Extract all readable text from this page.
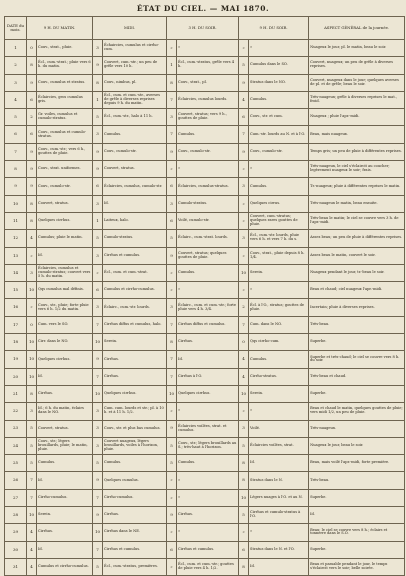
ÉTAT DU CIEL. — MAI 1870.
DATE du mois.	9 H. DU MATIN.		MIDI.		3 H. DU SOIR.		9 H. DU SOIR.		ASPECT GÉNÉRAL de la journée.
1	0	Couv., strat., pluie.	3	Échaircies, cumulus et cirrho-cum.	»	»	»	»	Nuageux le jour, pl. le matin, beau le soir.
2	8	Écl., cum.-strat.; pluie vers 6 h. du matin.	9	Couvert, cum.-str.; un peu de grêle vers 10 h.	1	Écl., cum.-stratus, grêle vers 4 h.	5	Cumulus dans le SO.	Couvert, nuageux; un peu de grêle à diverses reprises.
3	9	Couv., cumulus et stratus.	8	Couv., nimbus, pl.	8	Couv., strat., pl.	9	Stratus dans le NO.	Couvert, nuageux dans le jour; quelques averses de pl. et de grêle; beau le soir.
4	6	Éclaircies, gros cumulus gris.	1	Écl., cum. et cum.-str., averses de grêle à diverses reprises depuis 9 h. du matin.	7	Éclaircies, cumulus lourds.	4	Cumulus.	Très-nuageux; grêle à diverses reprises le mat., froid.
5	2	Gr. voiles, cumulus et cumulo-stratus.	5	Écl., cum.-str., halo à 11 h.	3	Couvert, stratus; vers 9 h., gouttes de pluie.	6	Couv., str. et cum.	Nuageux ; pluie l'apr.-midi.
6	6	Couv., cumulus et cumulo-stratus.	3	Cumulus.	7	Cumulus.	7	Cum.-str. lourds au N. et à l'O.	Beau, mais nuageux.
7	9	Couv., cum.-str.; vers 6 h., gouttes de pluie.	9	Couv., cumulo-str.	9	Couv., cumulo-str.	9	Couv., cumulo-str.	Temps gris; un peu de pluie à différentes reprises.
8	9	Couv., strat. uniformes.	9	Couvert, stratus.	»	»	»	»	Très-nuageux, le ciel s'éclaircit au coucher; legèrement nuageux le soir; frais.
9	9	Couv., cumulo-str.	6	Éclaircies, cumulus, cumulo-str.	6	Éclaircies, cumulus-stratus.	3	Cumulus.	Tr.-nuageux; pluie à différentes reprises le matin.
10	8	Couvert, stratus.	3	Id.	3	Cumulo-stratus.	»	Quelques cirrus.	Très-nuageux le matin, beau ensuite.
11	8	Quelques cirrhus.	1	Laiteux, halo.	6	Voilé, cumulo-str.	»	Couvert, cum.-stratus; quelques rares gouttes de pluie.	Très-beau le matin; le ciel se couvre vers 3 h. de l'apr.-midi.
12	4	Cumulus; pluie le matin.	5	Cumulo-stratus.	5	Éclairc., cum.-strat. lourds.	3	Écl., cum.-str. lourds, pluie vers 6 h. et vers 7 h. du s.	Assez beau; un peu de pluie à différentes reprises.
13	»	Id.	3	Cirrhus et cumulus.	9	Couvert, stratus; quelques gouttes de pluie.	»	Couv., strat., pluie depuis 8 h. 1/4.	Assez beau le matin, couvert le soir.
14	3	Éclaircies, cumulus et cumulo-stratus; couvert vers 5 h. du matin.	»	Écl., cum. et cum.-strat.	»	Cumulus.	10	Serein.	Nuageux pendant le jour, tr.-beau le soir.
15	10	Qqs cumulus mal définis.	6	Cumulus et cirrho-cumulus.	»	»	»	»	Beau et chaud; ciel nuageux l'apr.-midi.
16	»	Couv., str., pluie; forte pluie vers 6 h. 1/2 du matin.	3	Éclairc., cum.-str. lourds.	3	Éclairc., cum. et cum.-str.; forte pluie vers 4 h. 3/4.	2	Écl. à l'O., stratus; gouttes de pluie.	Incertain; pluie à diverses reprises.
17	0	Cum. vers le SO.	7	Cirrhus diffus et cumulus, halo.	7	Cirrhus diffus et cumulus.	7	Cum. dans le NO.	Très-beau.
18	10	Cirr. dans le NO.	10	Serein.	8	Cirrhus.	0	Qqs cirrho-cum.	Superbe.
19	10	Quelques cirrhus.	9	Cirrhus.	7	Id.	4	Cumulus.	Superbe et très-chaud; le ciel se couvre vers 8 h. du soir.
20	10	Id.	7	Cirrhus.	7	Cirrhus à l'O.	4	Cirrho-stratus.	Très-beau et chaud.
21	8	Cirrhus.	10	Quelques cirrhus.	10	Quelques cirrhus.	10	Serein.	Superbe.
22	3	Id.; 6 h. du matin, éclairs dans le NO.	3	Cum. cum. lourds et str.; pl. à 10 h. et à 11 h. 1/2.	»	»	»	»	Beau et chaud le matin, quelques gouttes de pluie; vers midi 1/2, un peu de pluie.
23	5	Couvert, stratus.	3	Couv., str. et plus bas cumulus.	9	Éclaircies voilées, strat. et cumulus.	3	Voilé.	Très-nuageux.
24	5	Couv., str.; légers brouillards, pluie; le matin, pluie.	3	Couvert nuageux, légers brouillards, voiles à l'horizon, pluie.	5	Couv., str.; légers brouillards au S.; très-haut à l'horizon.	5	Éclaircies voilées, strat.	Nuageux le jour, beau le soir.
25	5	Cumulus.	5	Cumulus.	5	Cumulus.	8	Id.	Beau, mais voilé l'apr.-midi, forte première.
26	7	Id.	9	Quelques cumulus.	»	»	8	Stratus dans le N.	Très-beau.
27	7	Cirrho-cumulus.	7	Cirrho-cumulus.	»	»	10	Légers nuages à l'O. et au N.	Superbe.
28	10	Serein.	9	Cirrhus.	9	Cirrhus.	5	Cirrhus et cumulo-stratus à l'O.	Id.
29	4	Cirrhus.	10	Cirrhus dans le NE.	»	»	»	»	Beau; le ciel se couvre vers 8 h.; éclairs et tonnerre dans le S.O.
30	4	Id.	7	Cirrhus et cumulus.	6	Cirrhus et cumulus.	6	Stratus dans le N. et l'O.	Superbe.
31	4	Cumulus et cirrho-cumulus.	5	Écl., cum.-stratus, premières.	»	Écl., cum. et cum.-str.; gouttes de pluie vers 4 h. 1/2.	8	Id.	Beau et passable pendant le jour, le temps s'éclaircit vers le soir; belle soirée.
